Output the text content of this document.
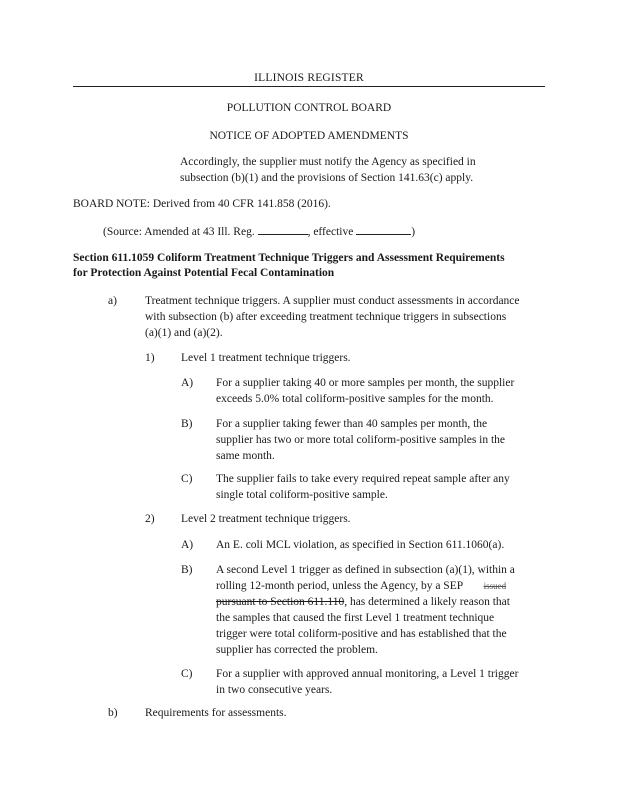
ILLINOIS REGISTER
POLLUTION CONTROL BOARD
NOTICE OF ADOPTED AMENDMENTS
Accordingly, the supplier must notify the Agency as specified in
subsection (b)(1) and the provisions of Section 141.63(c) apply.
BOARD NOTE: Derived from 40 CFR 141.858 (2016).
(Source: Amended at 43 Ill. Reg.	, effective	)
Section 611.1059 Coliform Treatment Technique Triggers and Assessment Requirements
for Protection Against Potential Fecal Contamination
a) Treatment technique triggers. A supplier must conduct assessments in accordance
with subsection (b) after exceeding treatment technique triggers in subsections
(a)(1) and (a)(2).
1) Level 1 treatment technique triggers.
A) For a supplier taking 40 or more samples per month, the supplier
exceeds 5.0% total coliform-positive samples for the month.
B) For a supplier taking fewer than 40 samples per month, the
supplier has two or more total coliform-positive samples in the
same month.
C) The supplier fails to take every required repeat sample after any
single total coliform-positive sample.
2) Level 2 treatment technique triggers.
A) An E. coli MCL violation, as specified in Section 611.1060(a).
B) A second Level 1 trigger as defined in subsection (a)(1), within a
rolling 12-month period, unless the Agency, by a SEP issued
pursuant to Section 611.110, has determined a likely reason that
the samples that caused the first Level 1 treatment technique
trigger were total coliform-positive and has established that the
supplier has corrected the problem.
C) For a supplier with approved annual monitoring, a Level 1 trigger
in two consecutive years.
b) Requirements for assessments.
